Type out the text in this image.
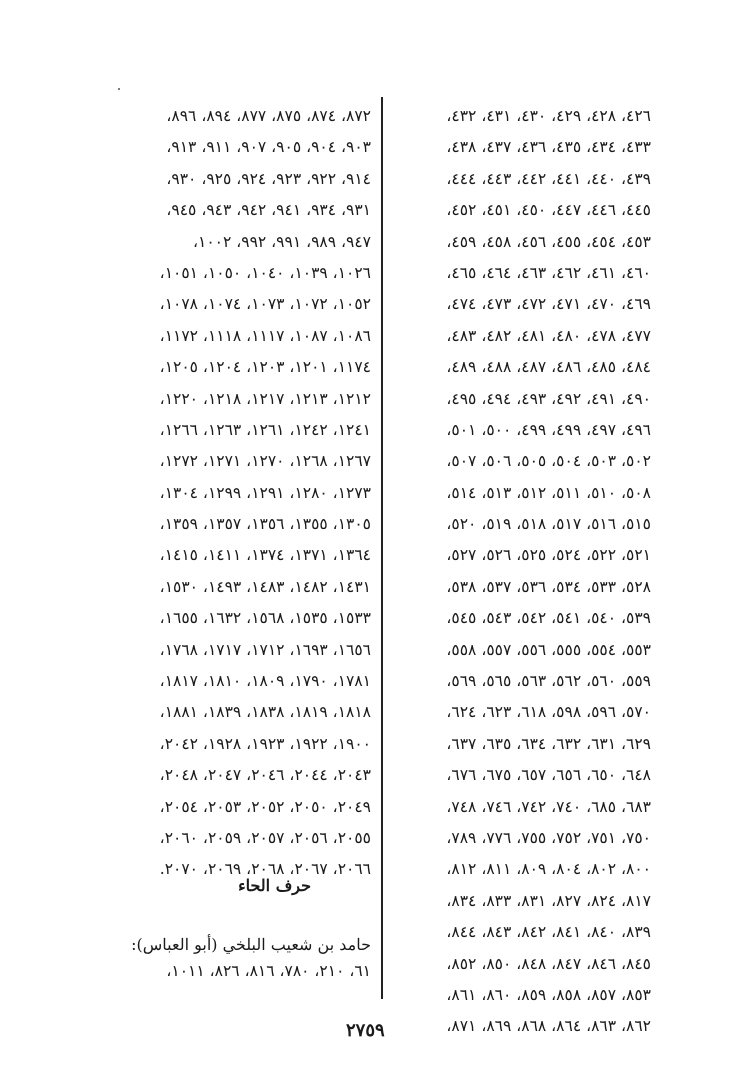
٤٢٦، ٤٢٨، ٤٢٩، ٤٣٠، ٤٣١، ٤٣٢،
٤٣٣، ٤٣٤، ٤٣٥، ٤٣٦، ٤٣٧، ٤٣٨،
٤٣٩، ٤٤٠، ٤٤١، ٤٤٢، ٤٤٣، ٤٤٤،
٤٤٥، ٤٤٦، ٤٤٧، ٤٥٠، ٤٥١، ٤٥٢،
٤٥٣، ٤٥٤، ٤٥٥، ٤٥٦، ٤٥٨، ٤٥٩،
٤٦٠، ٤٦١، ٤٦٢، ٤٦٣، ٤٦٤، ٤٦٥،
٤٦٩، ٤٧٠، ٤٧١، ٤٧٢، ٤٧٣، ٤٧٤،
٤٧٧، ٤٧٨، ٤٨٠، ٤٨١، ٤٨٢، ٤٨٣،
٤٨٤، ٤٨٥، ٤٨٦، ٤٨٧، ٤٨٨، ٤٨٩،
٤٩٠، ٤٩١، ٤٩٢، ٤٩٣، ٤٩٤، ٤٩٥،
٤٩٦، ٤٩٧، ٤٩٩، ٤٩٩، ٥٠٠، ٥٠١،
٥٠٢، ٥٠٣، ٥٠٤، ٥٠٥، ٥٠٦، ٥٠٧،
٥٠٨، ٥١٠، ٥١١، ٥١٢، ٥١٣، ٥١٤،
٥١٥، ٥١٦، ٥١٧، ٥١٨، ٥١٩، ٥٢٠،
٥٢١، ٥٢٢، ٥٢٤، ٥٢٥، ٥٢٦، ٥٢٧،
٥٢٨، ٥٣٣، ٥٣٤، ٥٣٦، ٥٣٧، ٥٣٨،
٥٣٩، ٥٤٠، ٥٤١، ٥٤٢، ٥٤٣، ٥٤٥،
٥٥٣، ٥٥٤، ٥٥٥، ٥٥٦، ٥٥٧، ٥٥٨،
٥٥٩، ٥٦٠، ٥٦٢، ٥٦٣، ٥٦٥، ٥٦٩،
٥٧٠، ٥٩٦، ٥٩٨، ٦١٨، ٦٢٣، ٦٢٤،
٦٢٩، ٦٣١، ٦٣٢، ٦٣٤، ٦٣٥، ٦٣٧،
٦٤٨، ٦٥٠، ٦٥٦، ٦٥٧، ٦٧٥، ٦٧٦،
٦٨٣، ٦٨٥، ٧٤٠، ٧٤٢، ٧٤٦، ٧٤٨،
٧٥٠، ٧٥١، ٧٥٢، ٧٥٥، ٧٧٦، ٧٨٩،
٨٠٠، ٨٠٢، ٨٠٤، ٨٠٩، ٨١١، ٨١٢،
٨١٧، ٨٢٤، ٨٢٧، ٨٣١، ٨٣٣، ٨٣٤،
٨٣٩، ٨٤٠، ٨٤١، ٨٤٢، ٨٤٣، ٨٤٤،
٨٤٥، ٨٤٦، ٨٤٧، ٨٤٨، ٨٥٠، ٨٥٢،
٨٥٣، ٨٥٧، ٨٥٨، ٨٥٩، ٨٦٠، ٨٦١،
٨٦٢، ٨٦٣، ٨٦٤، ٨٦٨، ٨٦٩، ٨٧١،
٨٧٢، ٨٧٤، ٨٧٥، ٨٧٧، ٨٩٤، ٨٩٦،
٩٠٣، ٩٠٤، ٩٠٥، ٩٠٧، ٩١١، ٩١٣،
٩١٤، ٩٢٢، ٩٢٣، ٩٢٤، ٩٢٥، ٩٣٠،
٩٣١، ٩٣٤، ٩٤١، ٩٤٢، ٩٤٣، ٩٤٥،
٩٤٧، ٩٨٩، ٩٩١، ٩٩٢، ١٠٠٢،
١٠٢٦، ١٠٣٩، ١٠٤٠، ١٠٥٠، ١٠٥١،
١٠٥٢، ١٠٧٢، ١٠٧٣، ١٠٧٤، ١٠٧٨،
١٠٨٦، ١٠٨٧، ١١١٧، ١١١٨، ١١٧٢،
١١٧٤، ١٢٠١، ١٢٠٣، ١٢٠٤، ١٢٠٥،
١٢١٢، ١٢١٣، ١٢١٧، ١٢١٨، ١٢٢٠،
١٢٤١، ١٢٤٢، ١٢٦١، ١٢٦٣، ١٢٦٦،
١٢٦٧، ١٢٦٨، ١٢٧٠، ١٢٧١، ١٢٧٢،
١٢٧٣، ١٢٨٠، ١٢٩١، ١٢٩٩، ١٣٠٤،
١٣٠٥، ١٣٥٥، ١٣٥٦، ١٣٥٧، ١٣٥٩،
١٣٦٤، ١٣٧١، ١٣٧٤، ١٤١١، ١٤١٥،
١٤٣١، ١٤٨٢، ١٤٨٣، ١٤٩٣، ١٥٣٠،
١٥٣٣، ١٥٣٥، ١٥٦٨، ١٦٣٢، ١٦٥٥،
١٦٥٦، ١٦٩٣، ١٧١٢، ١٧١٧، ١٧٦٨،
١٧٨١، ١٧٩٠، ١٨٠٩، ١٨١٠، ١٨١٧،
١٨١٨، ١٨١٩، ١٨٣٨، ١٨٣٩، ١٨٨١،
١٩٠٠، ١٩٢٢، ١٩٢٣، ١٩٢٨، ٢٠٤٢،
٢٠٤٣، ٢٠٤٤، ٢٠٤٦، ٢٠٤٧، ٢٠٤٨،
٢٠٤٩، ٢٠٥٠، ٢٠٥٢، ٢٠٥٣، ٢٠٥٤،
٢٠٥٥، ٢٠٥٦، ٢٠٥٧، ٢٠٥٩، ٢٠٦٠،
٢٠٦٦، ٢٠٦٧، ٢٠٦٨، ٢٠٦٩، ٢٠٧٠.
حرف الحاء
حامد بن شعيب البلخي (أبو العباس):
٦١، ٢١٠، ٧٨٠، ٨١٦، ٨٢٦، ١٠١١،
٢٧٥٩
